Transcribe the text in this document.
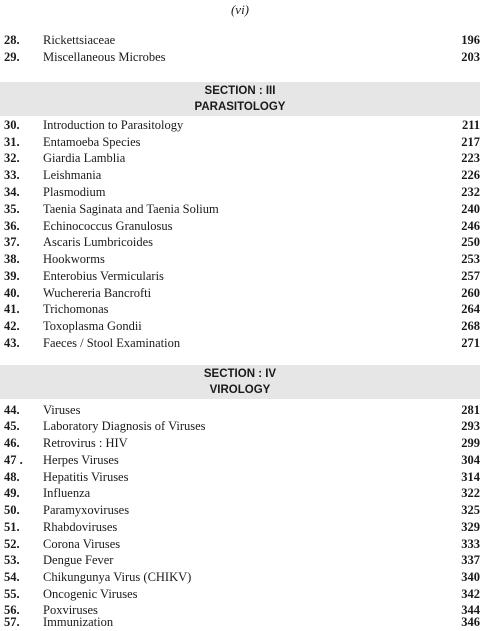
(vi)
28. Rickettsiaceae	196
29. Miscellaneous Microbes	203
SECTION : III
PARASITOLOGY
30. Introduction to Parasitology	211
31. Entamoeba Species	217
32. Giardia Lamblia	223
33. Leishmania	226
34. Plasmodium	232
35. Taenia Saginata and Taenia Solium	240
36. Echinococcus Granulosus	246
37. Ascaris Lumbricoides	250
38. Hookworms	253
39. Enterobius Vermicularis	257
40. Wuchereria Bancrofti	260
41. Trichomonas	264
42. Toxoplasma Gondii	268
43. Faeces / Stool Examination	271
SECTION : IV
VIROLOGY
44. Viruses	281
45. Laboratory Diagnosis of Viruses	293
46. Retrovirus : HIV	299
47 . Herpes Viruses	304
48. Hepatitis Viruses	314
49. Influenza	322
50. Paramyxoviruses	325
51. Rhabdoviruses	329
52. Corona Viruses	333
53. Dengue Fever	337
54. Chikungunya Virus (CHIKV)	340
55. Oncogenic Viruses	342
56. Poxviruses	344
57. Immunization	346
